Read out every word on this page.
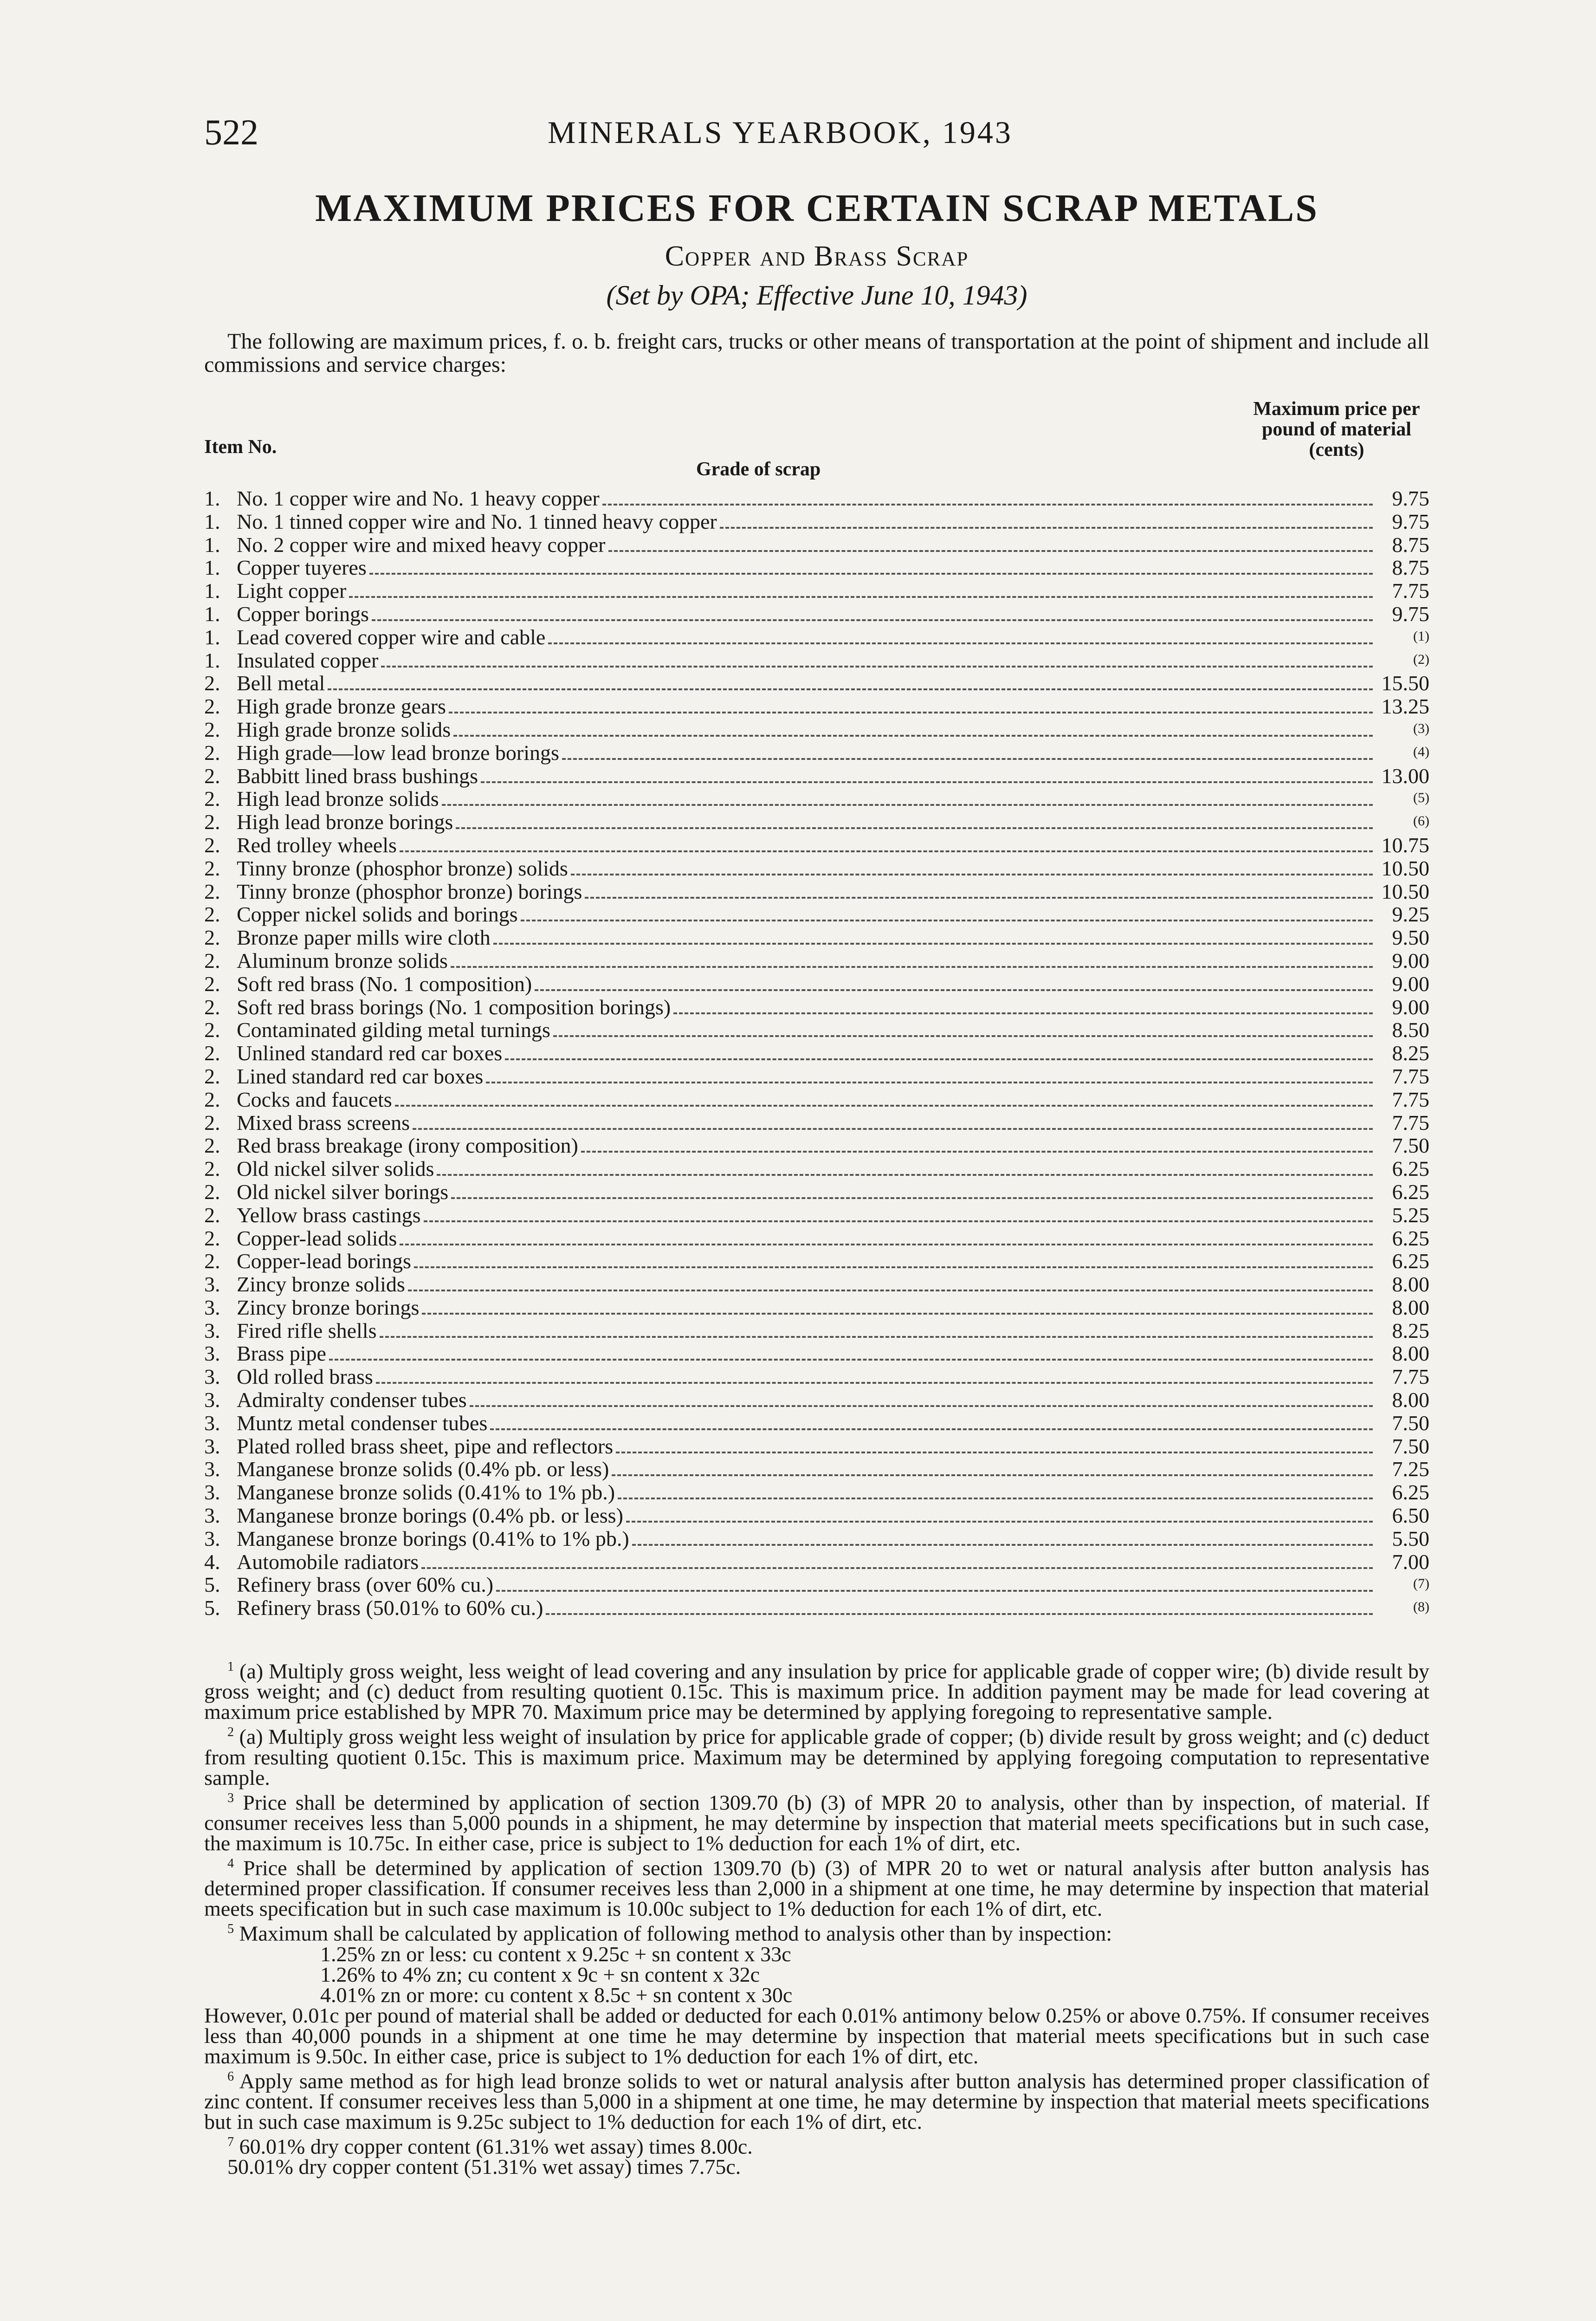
522	MINERALS YEARBOOK, 1943
MAXIMUM PRICES FOR CERTAIN SCRAP METALS
Copper and Brass Scrap
(Set by OPA; Effective June 10, 1943)

The following are maximum prices, f. o. b. freight cars, trucks or other means of transportation at the point of shipment and include all commissions and service charges:

Item No.
Grade of scrap
Maximum price per pound of material (cents)
1. No. 1 copper wire and No. 1 heavy copper	9.75
1. No. 1 tinned copper wire and No. 1 tinned heavy copper	9.75
1. No. 2 copper wire and mixed heavy copper	8.75
1. Copper tuyeres	8.75
1. Light copper	7.75
1. Copper borings	9.75
1. Lead covered copper wire and cable	(1)
1. Insulated copper	(2)
2. Bell metal	15.50
2. High grade bronze gears	13.25
2. High grade bronze solids	(3)
2. High grade—low lead bronze borings	(4)
2. Babbitt lined brass bushings	13.00
2. High lead bronze solids	(5)
2. High lead bronze borings	(6)
2. Red trolley wheels	10.75
2. Tinny bronze (phosphor bronze) solids	10.50
2. Tinny bronze (phosphor bronze) borings	10.50
2. Copper nickel solids and borings	9.25
2. Bronze paper mills wire cloth	9.50
2. Aluminum bronze solids	9.00
2. Soft red brass (No. 1 composition)	9.00
2. Soft red brass borings (No. 1 composition borings)	9.00
2. Contaminated gilding metal turnings	8.50
2. Unlined standard red car boxes	8.25
2. Lined standard red car boxes	7.75
2. Cocks and faucets	7.75
2. Mixed brass screens	7.75
2. Red brass breakage (irony composition)	7.50
2. Old nickel silver solids	6.25
2. Old nickel silver borings	6.25
2. Yellow brass castings	5.25
2. Copper-lead solids	6.25
2. Copper-lead borings	6.25
3. Zincy bronze solids	8.00
3. Zincy bronze borings	8.00
3. Fired rifle shells	8.25
3. Brass pipe	8.00
3. Old rolled brass	7.75
3. Admiralty condenser tubes	8.00
3. Muntz metal condenser tubes	7.50
3. Plated rolled brass sheet, pipe and reflectors	7.50
3. Manganese bronze solids (0.4% pb. or less)	7.25
3. Manganese bronze solids (0.41% to 1% pb.)	6.25
3. Manganese bronze borings (0.4% pb. or less)	6.50
3. Manganese bronze borings (0.41% to 1% pb.)	5.50
4. Automobile radiators	7.00
5. Refinery brass (over 60% cu.)	(7)
5. Refinery brass (50.01% to 60% cu.)	(8)

$^1$ (a) Multiply gross weight, less weight of lead covering and any insulation by price for applicable grade of copper wire; (b) divide result by gross weight; and (c) deduct from resulting quotient 0.15c. This is maximum price. In addition payment may be made for lead covering at maximum price established by MPR 70. Maximum price may be determined by applying foregoing to representative sample.

$^2$ (a) Multiply gross weight less weight of insulation by price for applicable grade of copper; (b) divide result by gross weight; and (c) deduct from resulting quotient 0.15c. This is maximum price. Maximum may be determined by applying foregoing computation to representative sample.

$^3$ Price shall be determined by application of section 1309.70 (b) (3) of MPR 20 to analysis, other than by inspection, of material. If consumer receives less than 5,000 pounds in a shipment, he may determine by inspection that material meets specifications but in such case, the maximum is 10.75c. In either case, price is subject to 1% deduction for each 1% of dirt, etc.

$^4$ Price shall be determined by application of section 1309.70 (b) (3) of MPR 20 to wet or natural analysis after button analysis has determined proper classification. If consumer receives less than 2,000 in a shipment at one time, he may determine by inspection that material meets specification but in such case maximum is 10.00c subject to 1% deduction for each 1% of dirt, etc.

$^5$ Maximum shall be calculated by application of following method to analysis other than by inspection:

1.25% zn or less: cu content x 9.25c + sn content x 33c

1.26% to 4% zn; cu content x 9c + sn content x 32c

4.01% zn or more: cu content x 8.5c + sn content x 30c

However, 0.01c per pound of material shall be added or deducted for each 0.01% antimony below 0.25% or above 0.75%. If consumer receives less than 40,000 pounds in a shipment at one time he may determine by inspection that material meets specifications but in such case maximum is 9.50c. In either case, price is subject to 1% deduction for each 1% of dirt, etc.

$^6$ Apply same method as for high lead bronze solids to wet or natural analysis after button analysis has determined proper classification of zinc content. If consumer receives less than 5,000 in a shipment at one time, he may determine by inspection that material meets specifications but in such case maximum is 9.25c subject to 1% deduction for each 1% of dirt, etc.

$^7$ 60.01% dry copper content (61.31% wet assay) times 8.00c.

50.01% dry copper content (51.31% wet assay) times 7.75c.
